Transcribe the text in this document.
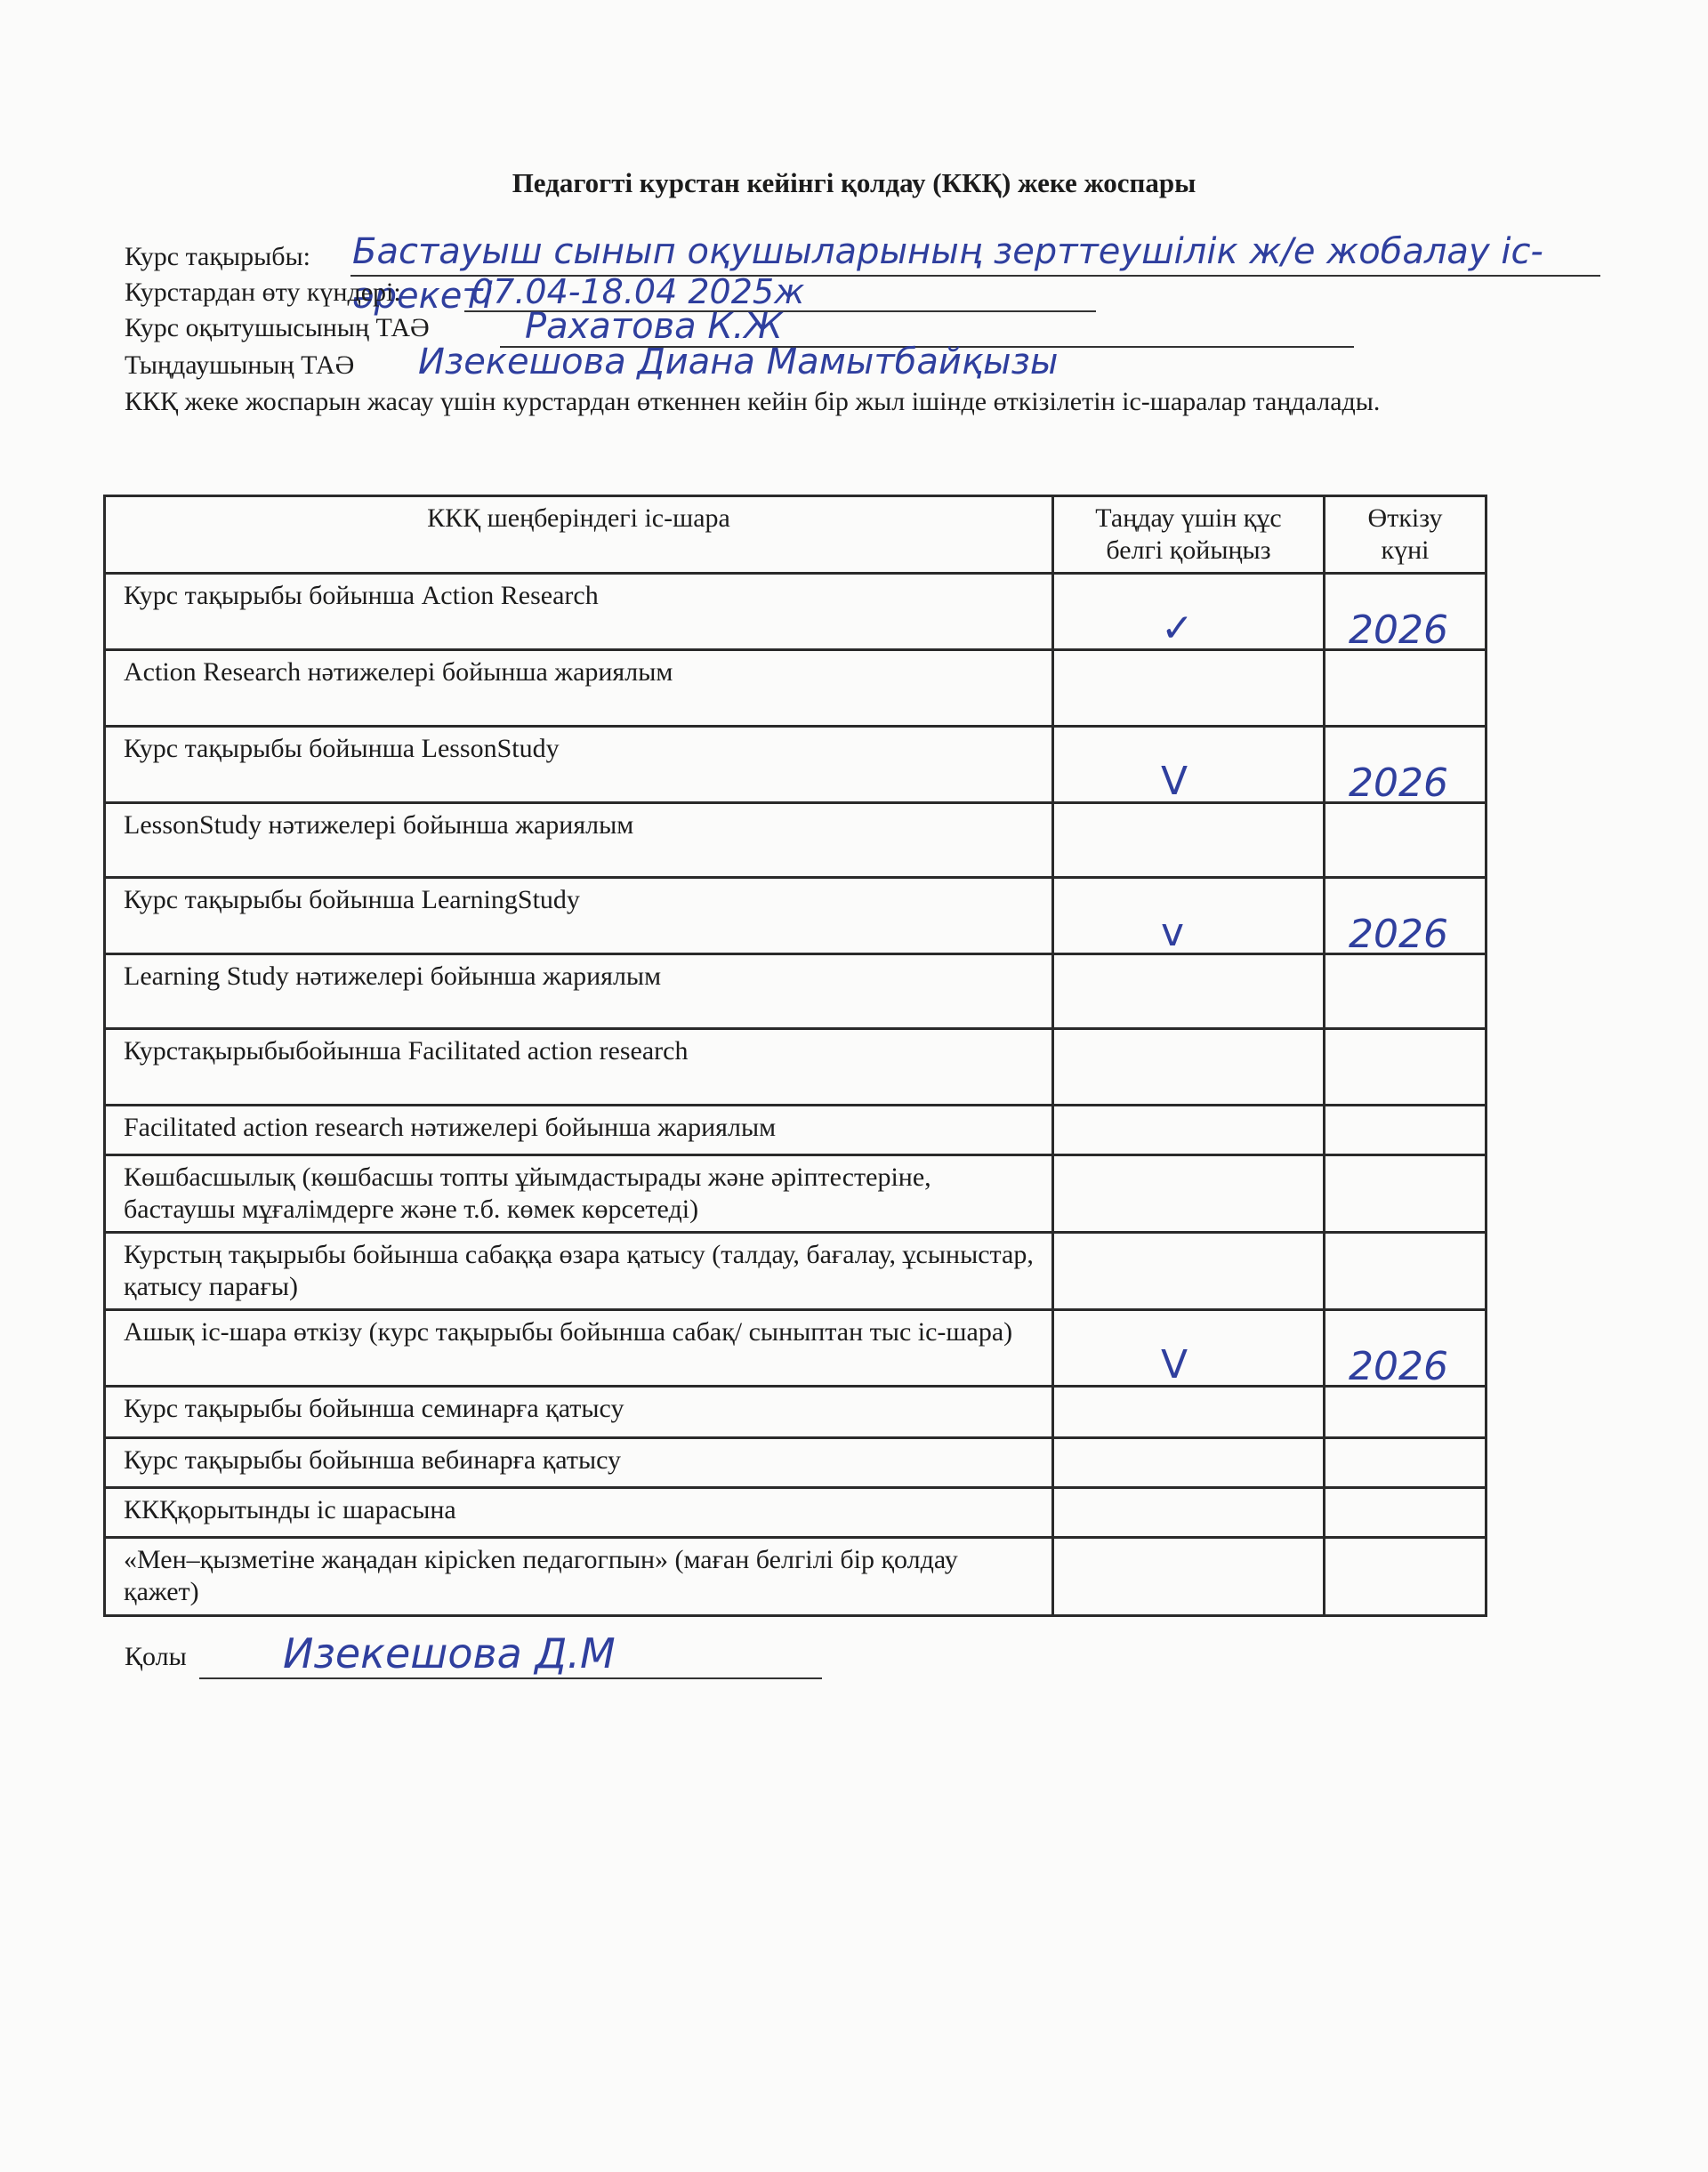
Педагогті курстан кейінгі қолдау (ККҚ) жеке жоспары
Курс тақырыбы: Бастауыш сынып оқушыларының зерттеушілік ж/е жобалау іс-әрекеті
Курстардан өту күндері: 07.04-18.04 2025ж
Курс оқытушысының ТАӘ	Рахатова К.Ж
Тыңдаушының ТАӘ Изекешова Диана Мамытбайқызы
ККҚ жеке жоспарын жасау үшін курстардан өткеннен кейін бір жыл ішінде өткізілетін іс-шаралар таңдалады.
ККҚ шеңберіндегі іс-шара	Таңдау үшін құс белгі қойыңыз	Өткізу күні
Курс тақырыбы бойынша Action Research	✓	2026

Action Research нәтижелері бойынша жариялым	

Курс тақырыбы бойынша LessonStudy	V	2026

LessonStudy нәтижелері бойынша жариялым	

Курс тақырыбы бойынша LearningStudy	v	2026

Learning Study нәтижелері бойынша жариялым	

Курстақырыбыбойынша Facilitated action research	

Facilitated action research нәтижелері бойынша жариялым	

Көшбасшылық (көшбасшы топты ұйымдастырады және әріптестеріне, бастаушы мұғалімдерге және т.б. көмек көрсетеді)	

Курстың тақырыбы бойынша сабаққа өзара қатысу (талдау, бағалау, ұсыныстар, қатысу парағы)	

Ашық іс-шара өткізу (курс тақырыбы бойынша сабақ/ сыныптан тыс іс-шара)	V	2026

Курс тақырыбы бойынша семинарға қатысу	

Курс тақырыбы бойынша вебинарға қатысу	

ККҚқорытынды іс шарасына	

«Мен–қызметіне жаңадан кірісken педагогпын» (маған белгілі бір қолдау қажет)	

Қолы Изекешова Д.М
